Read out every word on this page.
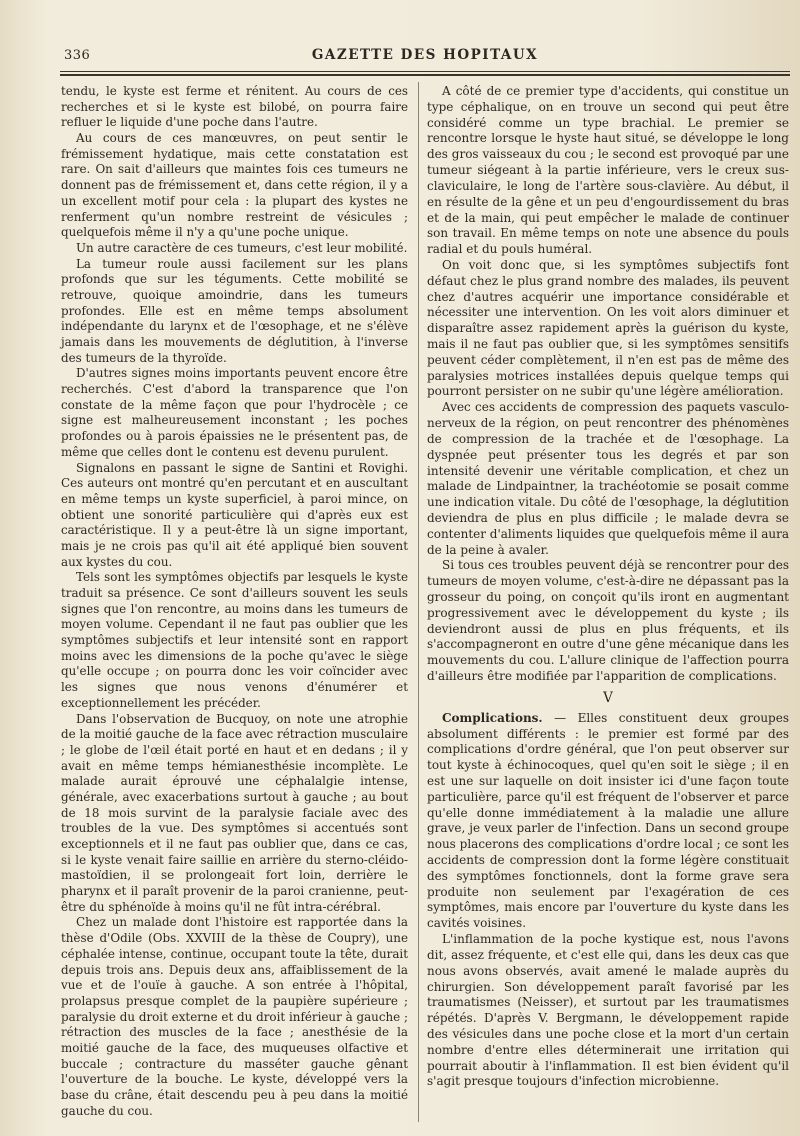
336	GAZETTE DES HOPITAUX

tendu, le kyste est ferme et rénitent. Au cours de ces recherches et si le kyste est bilobé, on pourra faire refluer le liquide d'une poche dans l'autre.

Au cours de ces manœuvres, on peut sentir le frémissement hydatique, mais cette constatation est rare. On sait d'ailleurs que maintes fois ces tumeurs ne donnent pas de frémissement et, dans cette région, il y a un excellent motif pour cela : la plupart des kystes ne renferment qu'un nombre restreint de vésicules ; quelquefois même il n'y a qu'une poche unique.

Un autre caractère de ces tumeurs, c'est leur mobilité.

La tumeur roule aussi facilement sur les plans profonds que sur les téguments. Cette mobilité se retrouve, quoique amoindrie, dans les tumeurs profondes. Elle est en même temps absolument indépendante du larynx et de l'œsophage, et ne s'élève jamais dans les mouvements de déglutition, à l'inverse des tumeurs de la thyroïde.

D'autres signes moins importants peuvent encore être recherchés. C'est d'abord la transparence que l'on constate de la même façon que pour l'hydrocèle ; ce signe est malheureusement inconstant ; les poches profondes ou à parois épaissies ne le présentent pas, de même que celles dont le contenu est devenu purulent.

Signalons en passant le signe de Santini et Rovighi. Ces auteurs ont montré qu'en percutant et en auscultant en même temps un kyste superficiel, à paroi mince, on obtient une sonorité particulière qui d'après eux est caractéristique. Il y a peut-être là un signe important, mais je ne crois pas qu'il ait été appliqué bien souvent aux kystes du cou.

Tels sont les symptômes objectifs par lesquels le kyste traduit sa présence. Ce sont d'ailleurs souvent les seuls signes que l'on rencontre, au moins dans les tumeurs de moyen volume. Cependant il ne faut pas oublier que les symptômes subjectifs et leur intensité sont en rapport moins avec les dimensions de la poche qu'avec le siège qu'elle occupe ; on pourra donc les voir coïncider avec les signes que nous venons d'énumérer et exceptionnellement les précéder.

Dans l'observation de Bucquoy, on note une atrophie de la moitié gauche de la face avec rétraction musculaire ; le globe de l'œil était porté en haut et en dedans ; il y avait en même temps hémianesthésie incomplète. Le malade aurait éprouvé une céphalalgie intense, générale, avec exacerbations surtout à gauche ; au bout de 18 mois survint de la paralysie faciale avec des troubles de la vue. Des symptômes si accentués sont exceptionnels et il ne faut pas oublier que, dans ce cas, si le kyste venait faire saillie en arrière du sterno-cléido-mastoïdien, il se prolongeait fort loin, derrière le pharynx et il paraît provenir de la paroi cranienne, peut-être du sphénoïde à moins qu'il ne fût intra-cérébral.

Chez un malade dont l'histoire est rapportée dans la thèse d'Odile (Obs. XXVIII de la thèse de Coupry), une céphalée intense, continue, occupant toute la tête, durait depuis trois ans. Depuis deux ans, affaiblissement de la vue et de l'ouïe à gauche. A son entrée à l'hôpital, prolapsus presque complet de la paupière supérieure ; paralysie du droit externe et du droit inférieur à gauche ; rétraction des muscles de la face ; anesthésie de la moitié gauche de la face, des muqueuses olfactive et buccale ; contracture du masséter gauche gênant l'ouverture de la bouche. Le kyste, développé vers la base du crâne, était descendu peu à peu dans la moitié gauche du cou.

A côté de ce premier type d'accidents, qui constitue un type céphalique, on en trouve un second qui peut être considéré comme un type brachial. Le premier se rencontre lorsque le hyste haut situé, se développe le long des gros vaisseaux du cou ; le second est provoqué par une tumeur siégeant à la partie inférieure, vers le creux sus-claviculaire, le long de l'artère sous-clavière. Au début, il en résulte de la gêne et un peu d'engourdissement du bras et de la main, qui peut empêcher le malade de continuer son travail. En même temps on note une absence du pouls radial et du pouls huméral.

On voit donc que, si les symptômes subjectifs font défaut chez le plus grand nombre des malades, ils peuvent chez d'autres acquérir une importance considérable et nécessiter une intervention. On les voit alors diminuer et disparaître assez rapidement après la guérison du kyste, mais il ne faut pas oublier que, si les symptômes sensitifs peuvent céder complètement, il n'en est pas de même des paralysies motrices installées depuis quelque temps qui pourront persister on ne subir qu'une légère amélioration.

Avec ces accidents de compression des paquets vasculo-nerveux de la région, on peut rencontrer des phénomènes de compression de la trachée et de l'œsophage. La dyspnée peut présenter tous les degrés et par son intensité devenir une véritable complication, et chez un malade de Lindpaintner, la trachéotomie se posait comme une indication vitale. Du côté de l'œsophage, la déglutition deviendra de plus en plus difficile ; le malade devra se contenter d'aliments liquides que quelquefois même il aura de la peine à avaler.

Si tous ces troubles peuvent déjà se rencontrer pour des tumeurs de moyen volume, c'est-à-dire ne dépassant pas la grosseur du poing, on conçoit qu'ils iront en augmentant progressivement avec le développement du kyste ; ils deviendront aussi de plus en plus fréquents, et ils s'accompagneront en outre d'une gêne mécanique dans les mouvements du cou. L'allure clinique de l'affection pourra d'ailleurs être modifiée par l'apparition de complications.

V

Complications. — Elles constituent deux groupes absolument différents : le premier est formé par des complications d'ordre général, que l'on peut observer sur tout kyste à échinocoques, quel qu'en soit le siège ; il en est une sur laquelle on doit insister ici d'une façon toute particulière, parce qu'il est fréquent de l'observer et parce qu'elle donne immédiatement à la maladie une allure grave, je veux parler de l'infection. Dans un second groupe nous placerons des complications d'ordre local ; ce sont les accidents de compression dont la forme légère constituait des symptômes fonctionnels, dont la forme grave sera produite non seulement par l'exagération de ces symptômes, mais encore par l'ouverture du kyste dans les cavités voisines.

L'inflammation de la poche kystique est, nous l'avons dit, assez fréquente, et c'est elle qui, dans les deux cas que nous avons observés, avait amené le malade auprès du chirurgien. Son développement paraît favorisé par les traumatismes (Neisser), et surtout par les traumatismes répétés. D'après V. Bergmann, le développement rapide des vésicules dans une poche close et la mort d'un certain nombre d'entre elles déterminerait une irritation qui pourrait aboutir à l'inflammation. Il est bien évident qu'il s'agit presque toujours d'infection microbienne.
